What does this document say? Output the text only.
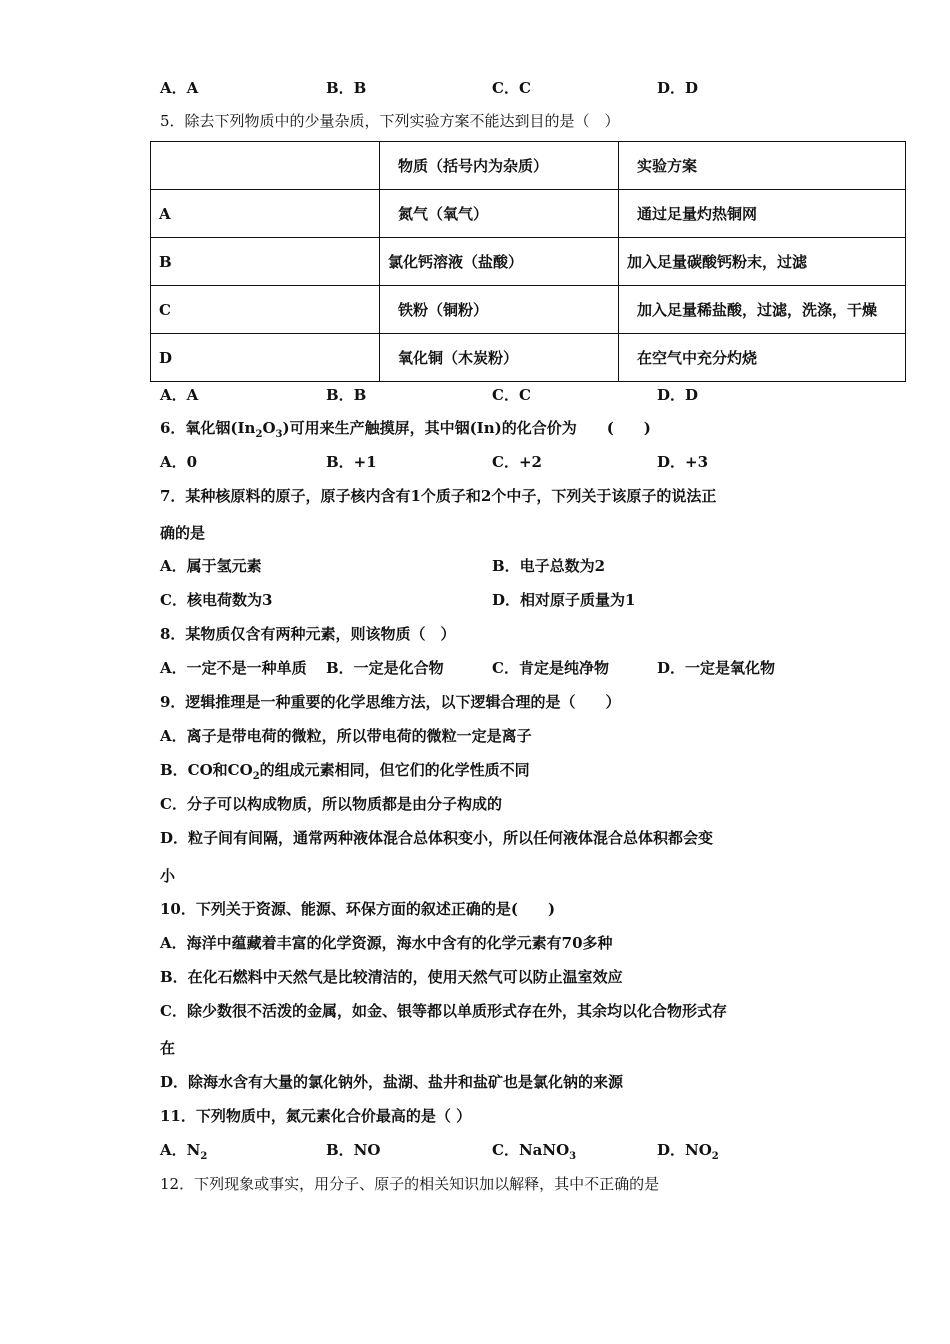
A．A	B．B	C．C	D．D
5．除去下列物质中的少量杂质，下列实验方案不能达到目的是（　）
	物质（括号内为杂质）	实验方案
A	氮气（氧气）	通过足量灼热铜网
B	氯化钙溶液（盐酸）	加入足量碳酸钙粉末，过滤
C	铁粉（铜粉）	加入足量稀盐酸，过滤，洗涤，干燥
D	氧化铜（木炭粉）	在空气中充分灼烧
A．A	B．B	C．C	D．D
6．氧化铟$(In_2O_3)$可用来生产触摸屏，其中铟(In)的化合价为　　(　　)
A．0	B．+1	C．+2	D．+3
7．某种核原料的原子，原子核内含有1个质子和2个中子，下列关于该原子的说法正
确的是
A．属于氢元素	B．电子总数为2
C．核电荷数为3	D．相对原子质量为1
8．某物质仅含有两种元素，则该物质（　）
A．一定不是一种单质 B．一定是化合物	C．肯定是纯净物	D．一定是氧化物
9．逻辑推理是一种重要的化学思维方法，以下逻辑合理的是（　　）
A．离子是带电荷的微粒，所以带电荷的微粒一定是离子
B．CO和$CO_2$的组成元素相同，但它们的化学性质不同
C．分子可以构成物质，所以物质都是由分子构成的
D．粒子间有间隔，通常两种液体混合总体积变小，所以任何液体混合总体积都会变
小
10．下列关于资源、能源、环保方面的叙述正确的是(　　)
A．海洋中蕴藏着丰富的化学资源，海水中含有的化学元素有70多种
B．在化石燃料中天然气是比较清洁的，使用天然气可以防止温室效应
C．除少数很不活泼的金属，如金、银等都以单质形式存在外，其余均以化合物形式存
在
D．除海水含有大量的氯化钠外，盐湖、盐井和盐矿也是氯化钠的来源
11．下列物质中，氮元素化合价最高的是（ ）
A．$N_2$	B．NO	C．NaNO$_3$	D．$NO_2$
12．下列现象或事实，用分子、原子的相关知识加以解释，其中不正确的是
